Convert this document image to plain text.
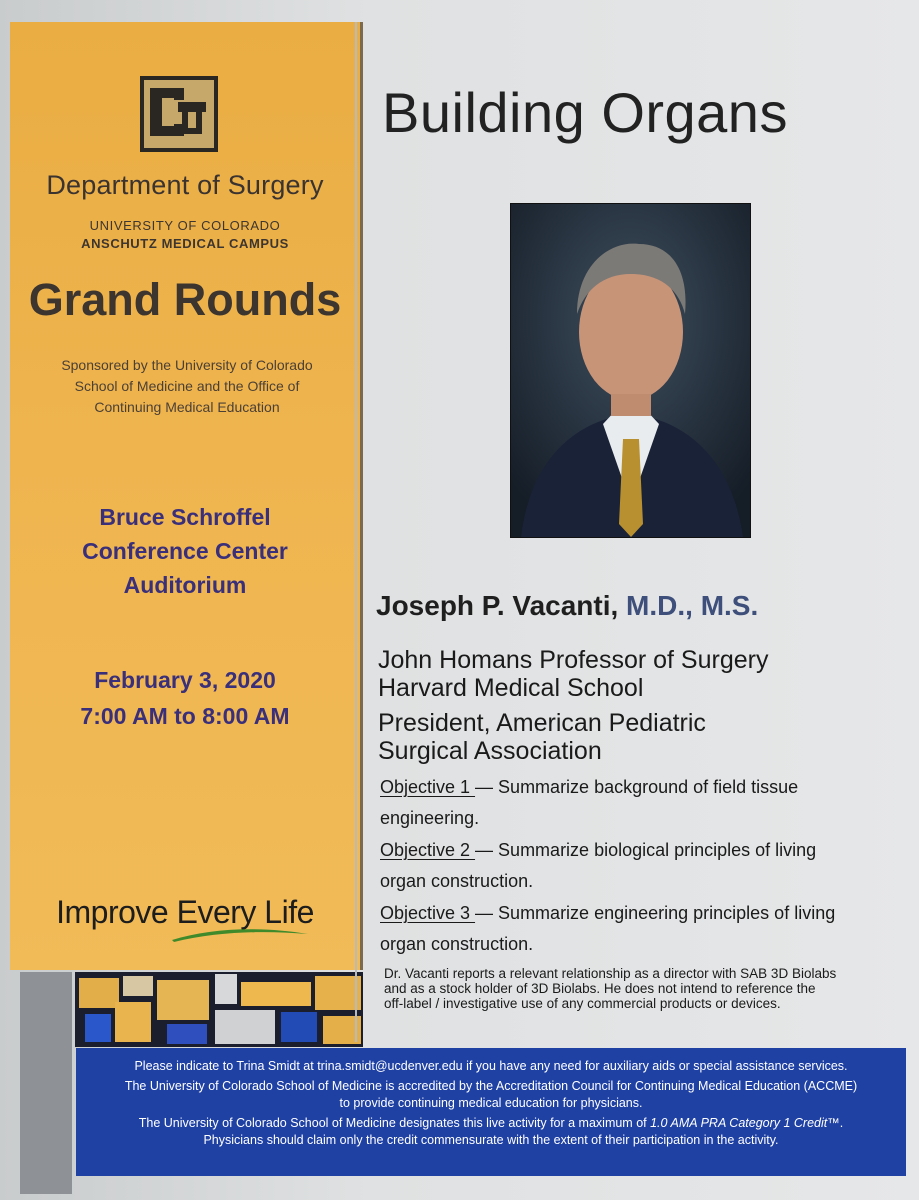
Department of Surgery
UNIVERSITY OF COLORADO
ANSCHUTZ MEDICAL CAMPUS
Grand Rounds
Sponsored by the University of Colorado
School of Medicine and the Office of
Continuing Medical Education
Bruce Schroffel
Conference Center
Auditorium
February 3, 2020
7:00 AM to 8:00 AM
Improve Every Life
Building Organs
Joseph P. Vacanti, M.D., M.S.
John Homans Professor of Surgery
Harvard Medical School
President, American Pediatric
Surgical Association
Objective 1 — Summarize background of field tissue
engineering.
Objective 2 — Summarize biological principles of living
organ construction.
Objective 3 — Summarize engineering principles of living
organ construction.
Dr. Vacanti reports a relevant relationship as a director with SAB 3D Biolabs
and as a stock holder of 3D Biolabs. He does not intend to reference the
off-label / investigative use of any commercial products or devices.

Please indicate to Trina Smidt at trina.smidt@ucdenver.edu if you have any need for auxiliary aids or special assistance services.

The University of Colorado School of Medicine is accredited by the Accreditation Council for Continuing Medical Education (ACCME)
to provide continuing medical education for physicians.

The University of Colorado School of Medicine designates this live activity for a maximum of 1.0 AMA PRA Category 1 Credit™.
Physicians should claim only the credit commensurate with the extent of their participation in the activity.
